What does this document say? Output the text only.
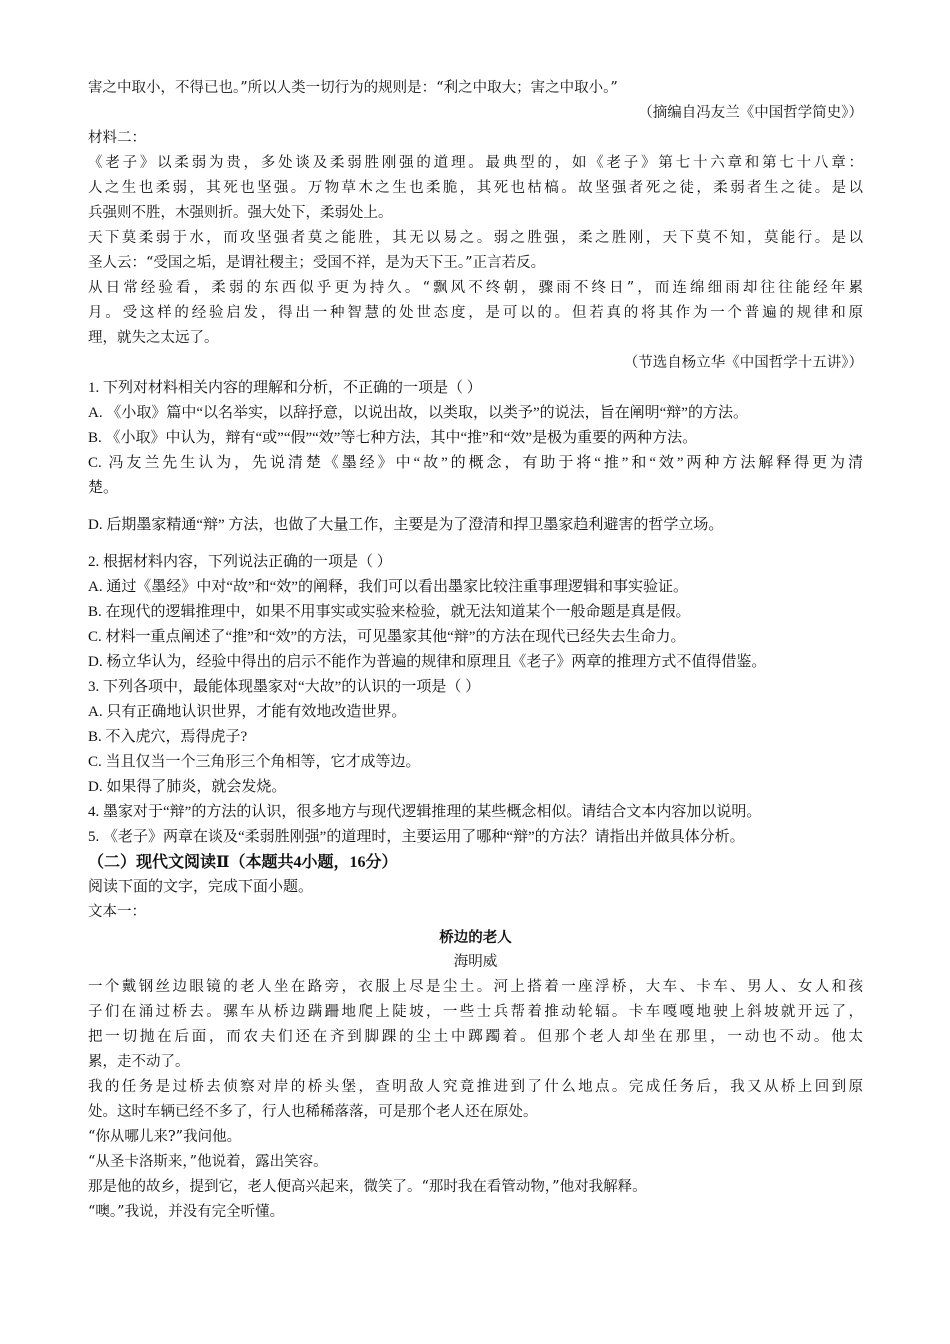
害之中取小，不得已也。”所以人类一切行为的规则是：“利之中取大；害之中取小。”

（摘编自冯友兰《中国哲学简史》）

材料二：

《老子》以柔弱为贵，多处谈及柔弱胜刚强的道理。最典型的，如《老子》第七十六章和第七十八章：

人之生也柔弱，其死也坚强。万物草木之生也柔脆，其死也枯槁。故坚强者死之徒，柔弱者生之徒。是以

兵强则不胜，木强则折。强大处下，柔弱处上。

天下莫柔弱于水，而攻坚强者莫之能胜，其无以易之。弱之胜强，柔之胜刚，天下莫不知，莫能行。是以

圣人云：“受国之垢，是谓社稷主；受国不祥，是为天下王。”正言若反。

从日常经验看，柔弱的东西似乎更为持久。“飘风不终朝，骤雨不终日”，而连绵细雨却往往能经年累

月。受这样的经验启发，得出一种智慧的处世态度，是可以的。但若真的将其作为一个普遍的规律和原

理，就失之太远了。

（节选自杨立华《中国哲学十五讲》）

1. 下列对材料相关内容的理解和分析，不正确的一项是（ ）

A. 《小取》篇中“以名举实，以辞抒意，以说出故，以类取，以类予”的说法，旨在阐明“辩”的方法。

B. 《小取》中认为，辩有“或”“假”“效”等七种方法，其中“推”和“效”是极为重要的两种方法。

C. 冯友兰先生认为，先说清楚《墨经》中“故”的概念，有助于将“推”和“效”两种方法解释得更为清

楚。

D. 后期墨家精通“辩” 方法，也做了大量工作，主要是为了澄清和捍卫墨家趋利避害的哲学立场。

2. 根据材料内容，下列说法正确的一项是（ ）

A. 通过《墨经》中对“故”和“效”的阐释，我们可以看出墨家比较注重事理逻辑和事实验证。

B. 在现代的逻辑推理中，如果不用事实或实验来检验，就无法知道某个一般命题是真是假。

C. 材料一重点阐述了“推”和“效”的方法，可见墨家其他“辩”的方法在现代已经失去生命力。

D. 杨立华认为，经验中得出的启示不能作为普遍的规律和原理且《老子》两章的推理方式不值得借鉴。

3. 下列各项中，最能体现墨家对“大故”的认识的一项是（ ）

A. 只有正确地认识世界，才能有效地改造世界。

B. 不入虎穴，焉得虎子?

C. 当且仅当一个三角形三个角相等，它才成等边。

D. 如果得了肺炎，就会发烧。

4. 墨家对于“辩”的方法的认识，很多地方与现代逻辑推理的某些概念相似。请结合文本内容加以说明。

5. 《老子》两章在谈及“柔弱胜刚强”的道理时，主要运用了哪种“辩”的方法？请指出并做具体分析。

（二）现代文阅读Ⅱ（本题共4小题，16分）

阅读下面的文字，完成下面小题。

文本一：

桥边的老人

海明威

一个戴钢丝边眼镜的老人坐在路旁，衣服上尽是尘土。河上搭着一座浮桥，大车、卡车、男人、女人和孩

子们在涌过桥去。骡车从桥边蹒跚地爬上陡坡，一些士兵帮着推动轮辐。卡车嘎嘎地驶上斜坡就开远了，

把一切抛在后面，而农夫们还在齐到脚踝的尘土中踯躅着。但那个老人却坐在那里，一动也不动。他太

累，走不动了。

我的任务是过桥去侦察对岸的桥头堡，查明敌人究竟推进到了什么地点。完成任务后，我又从桥上回到原

处。这时车辆已经不多了，行人也稀稀落落，可是那个老人还在原处。

“你从哪儿来?”我问他。

“从圣卡洛斯来，”他说着，露出笑容。

那是他的故乡，提到它，老人便高兴起来，微笑了。“那时我在看管动物，”他对我解释。

“噢。”我说，并没有完全听懂。
